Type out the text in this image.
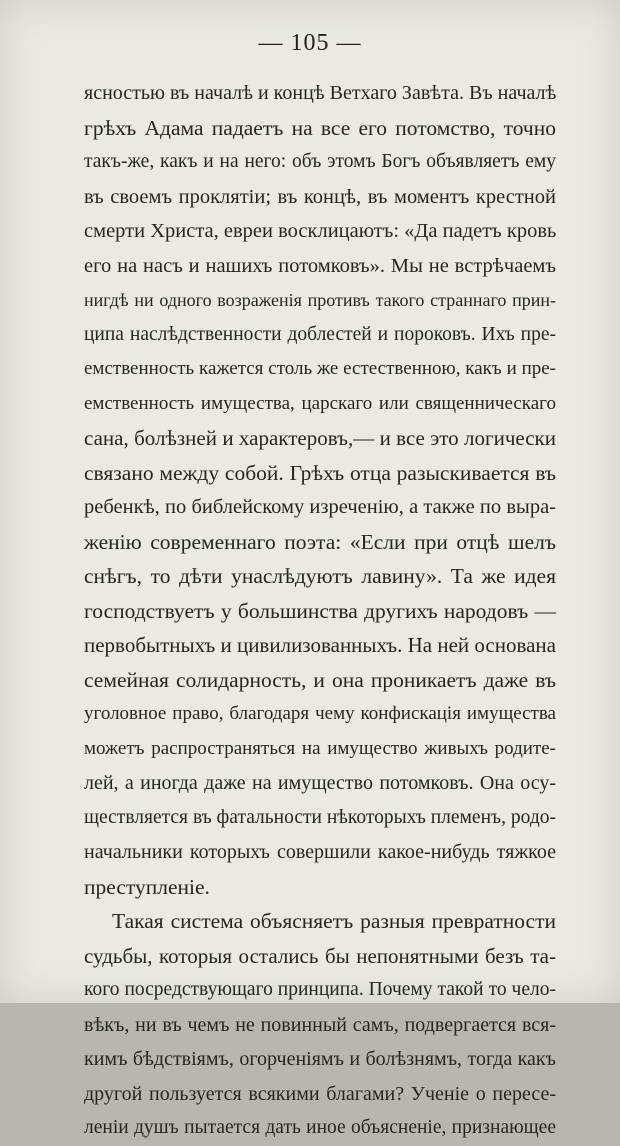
— 105 —
ясностью въ началѣ и концѣ Ветхаго Завѣта. Въ началѣ
грѣхъ Адама падаетъ на все его потомство, точно
такъ-же, какъ и на него: объ этомъ Богъ объявляетъ ему
въ своемъ проклятіи; въ концѣ, въ моментъ крестной
смерти Христа, евреи восклицаютъ: «Да падетъ кровь
его на насъ и нашихъ потомковъ». Мы не встрѣчаемъ
нигдѣ ни одного возраженія противъ такого страннаго прин-
ципа наслѣдственности доблестей и пороковъ. Ихъ пре-
емственность кажется столь же естественною, какъ и пре-
емственность имущества, царскаго или священническаго
сана, болѣзней и характеровъ,— и все это логически
связано между собой. Грѣхъ отца разыскивается въ
ребенкѣ, по библейскому изреченію, а также по выра-
женію современнаго поэта: «Если при отцѣ шелъ
снѣгъ, то дѣти унаслѣдуютъ лавину». Та же идея
господствуетъ у большинства другихъ народовъ —
первобытныхъ и цивилизованныхъ. На ней основана
семейная солидарность, и она проникаетъ даже въ
уголовное право, благодаря чему конфискація имущества
можетъ распространяться на имущество живыхъ родите-
лей, а иногда даже на имущество потомковъ. Она осу-
ществляется въ фатальности нѣкоторыхъ племенъ, родо-
начальники которыхъ совершили какое-нибудь тяжкое
преступленіе.
Такая система объясняетъ разныя превратности
судьбы, которыя остались бы непонятными безъ та-
кого посредствующаго принципа. Почему такой то чело-
вѣкъ, ни въ чемъ не повинный самъ, подвергается вся-
кимъ бѣдствіямъ, огорченіямъ и болѣзнямъ, тогда какъ
другой пользуется всякими благами? Ученіе о пересе-
леніи душъ пытается дать иное объясненіе, признающее
